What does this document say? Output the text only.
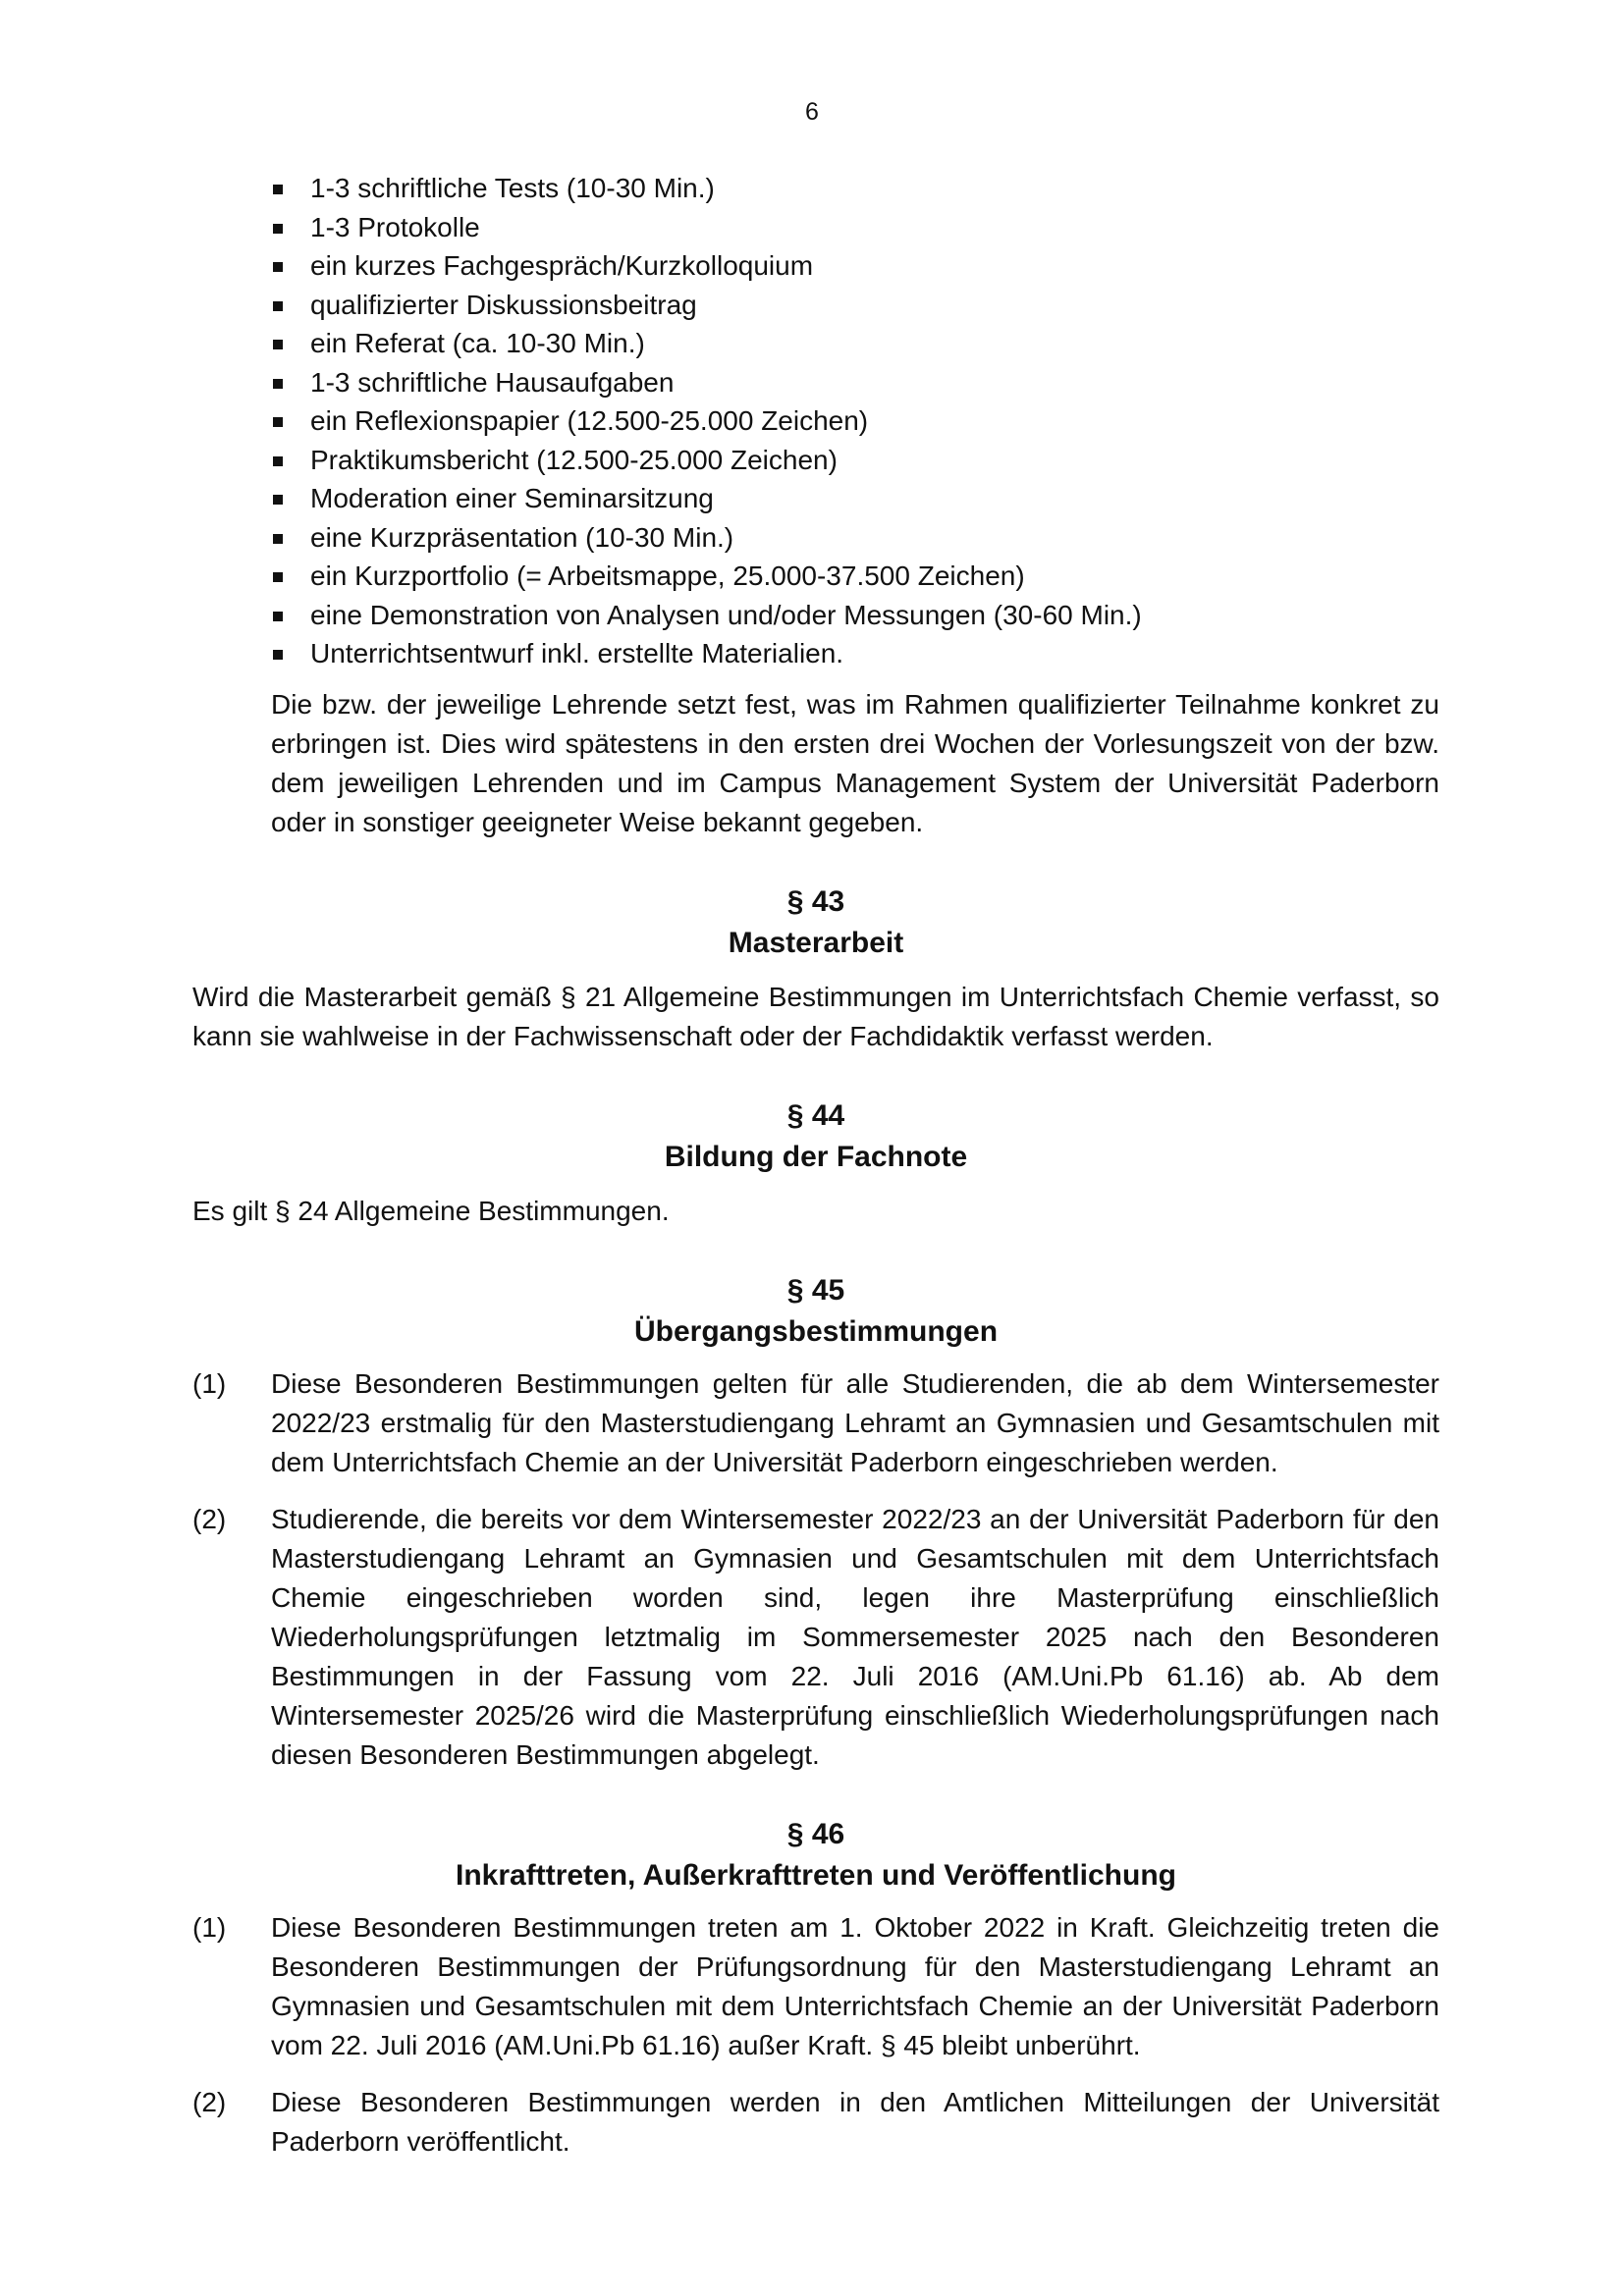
6
1-3 schriftliche Tests (10-30 Min.)
1-3 Protokolle
ein kurzes Fachgespräch/Kurzkolloquium
qualifizierter Diskussionsbeitrag
ein Referat (ca. 10-30 Min.)
1-3 schriftliche Hausaufgaben
ein Reflexionspapier (12.500-25.000 Zeichen)
Praktikumsbericht (12.500-25.000 Zeichen)
Moderation einer Seminarsitzung
eine Kurzpräsentation (10-30 Min.)
ein Kurzportfolio (= Arbeitsmappe, 25.000-37.500 Zeichen)
eine Demonstration von Analysen und/oder Messungen (30-60 Min.)
Unterrichtsentwurf inkl. erstellte Materialien.

Die bzw. der jeweilige Lehrende setzt fest, was im Rahmen qualifizierter Teilnahme konkret zu erbringen ist. Dies wird spätestens in den ersten drei Wochen der Vorlesungszeit von der bzw. dem jeweiligen Lehrenden und im Campus Management System der Universität Paderborn oder in sonstiger geeigneter Weise bekannt gegeben.

§ 43
Masterarbeit

Wird die Masterarbeit gemäß § 21 Allgemeine Bestimmungen im Unterrichtsfach Chemie verfasst, so kann sie wahlweise in der Fachwissenschaft oder der Fachdidaktik verfasst werden.

§ 44
Bildung der Fachnote

Es gilt § 24 Allgemeine Bestimmungen.

§ 45
Übergangsbestimmungen
(1)	Diese Besonderen Bestimmungen gelten für alle Studierenden, die ab dem Wintersemester 2022/23 erstmalig für den Masterstudiengang Lehramt an Gymnasien und Gesamtschulen mit dem Unterrichtsfach Chemie an der Universität Paderborn eingeschrieben werden.
(2)	Studierende, die bereits vor dem Wintersemester 2022/23 an der Universität Paderborn für den Masterstudiengang Lehramt an Gymnasien und Gesamtschulen mit dem Unterrichtsfach Chemie eingeschrieben worden sind, legen ihre Masterprüfung einschließlich Wiederholungsprüfungen letztmalig im Sommersemester 2025 nach den Besonderen Bestimmungen in der Fassung vom 22. Juli 2016 (AM.Uni.Pb 61.16) ab. Ab dem Wintersemester 2025/26 wird die Masterprüfung einschließlich Wiederholungsprüfungen nach diesen Besonderen Bestimmungen abgelegt.
§ 46
Inkrafttreten, Außerkrafttreten und Veröffentlichung
(1)	Diese Besonderen Bestimmungen treten am 1. Oktober 2022 in Kraft. Gleichzeitig treten die Besonderen Bestimmungen der Prüfungsordnung für den Masterstudiengang Lehramt an Gymnasien und Gesamtschulen mit dem Unterrichtsfach Chemie an der Universität Paderborn vom 22. Juli 2016 (AM.Uni.Pb 61.16) außer Kraft. § 45 bleibt unberührt.
(2)	Diese Besonderen Bestimmungen werden in den Amtlichen Mitteilungen der Universität Paderborn veröffentlicht.
